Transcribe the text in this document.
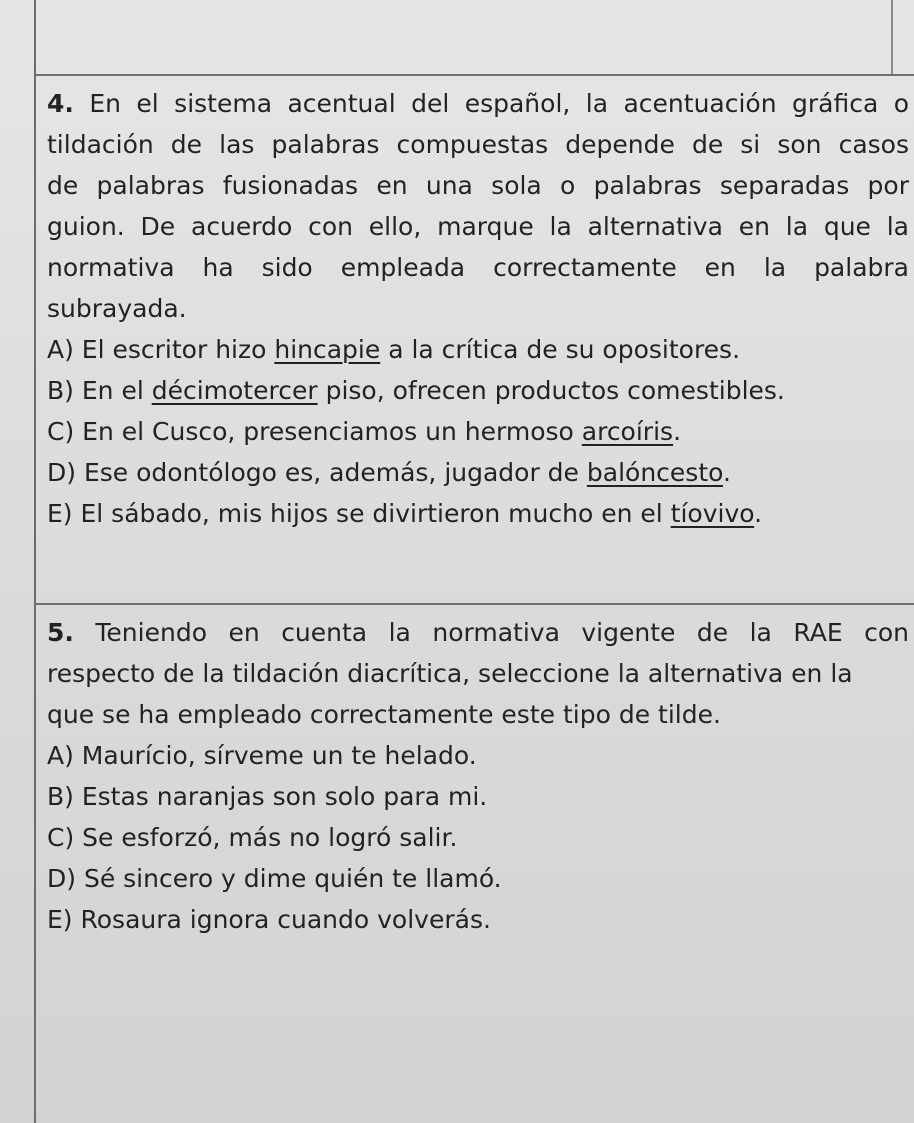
4. En el sistema acentual del español, la acentuación gráfica o
tildación de las palabras compuestas depende de si son casos
de palabras fusionadas en una sola o palabras separadas por
guion. De acuerdo con ello, marque la alternativa en la que la
normativa ha sido empleada correctamente en la palabra
subrayada.
A) El escritor hizo hincapie a la crítica de su opositores.
B) En el décimotercer piso, ofrecen productos comestibles.
C) En el Cusco, presenciamos un hermoso arcoíris.
D) Ese odontólogo es, además, jugador de balóncesto.
E) El sábado, mis hijos se divirtieron mucho en el tíovivo.
5. Teniendo en cuenta la normativa vigente de la RAE con
respecto de la tildación diacrítica, seleccione la alternativa en la
que se ha empleado correctamente este tipo de tilde.
A) Maurício, sírveme un te helado.
B) Estas naranjas son solo para mi.
C) Se esforzó, más no logró salir.
D) Sé sincero y dime quién te llamó.
E) Rosaura ignora cuando volverás.
